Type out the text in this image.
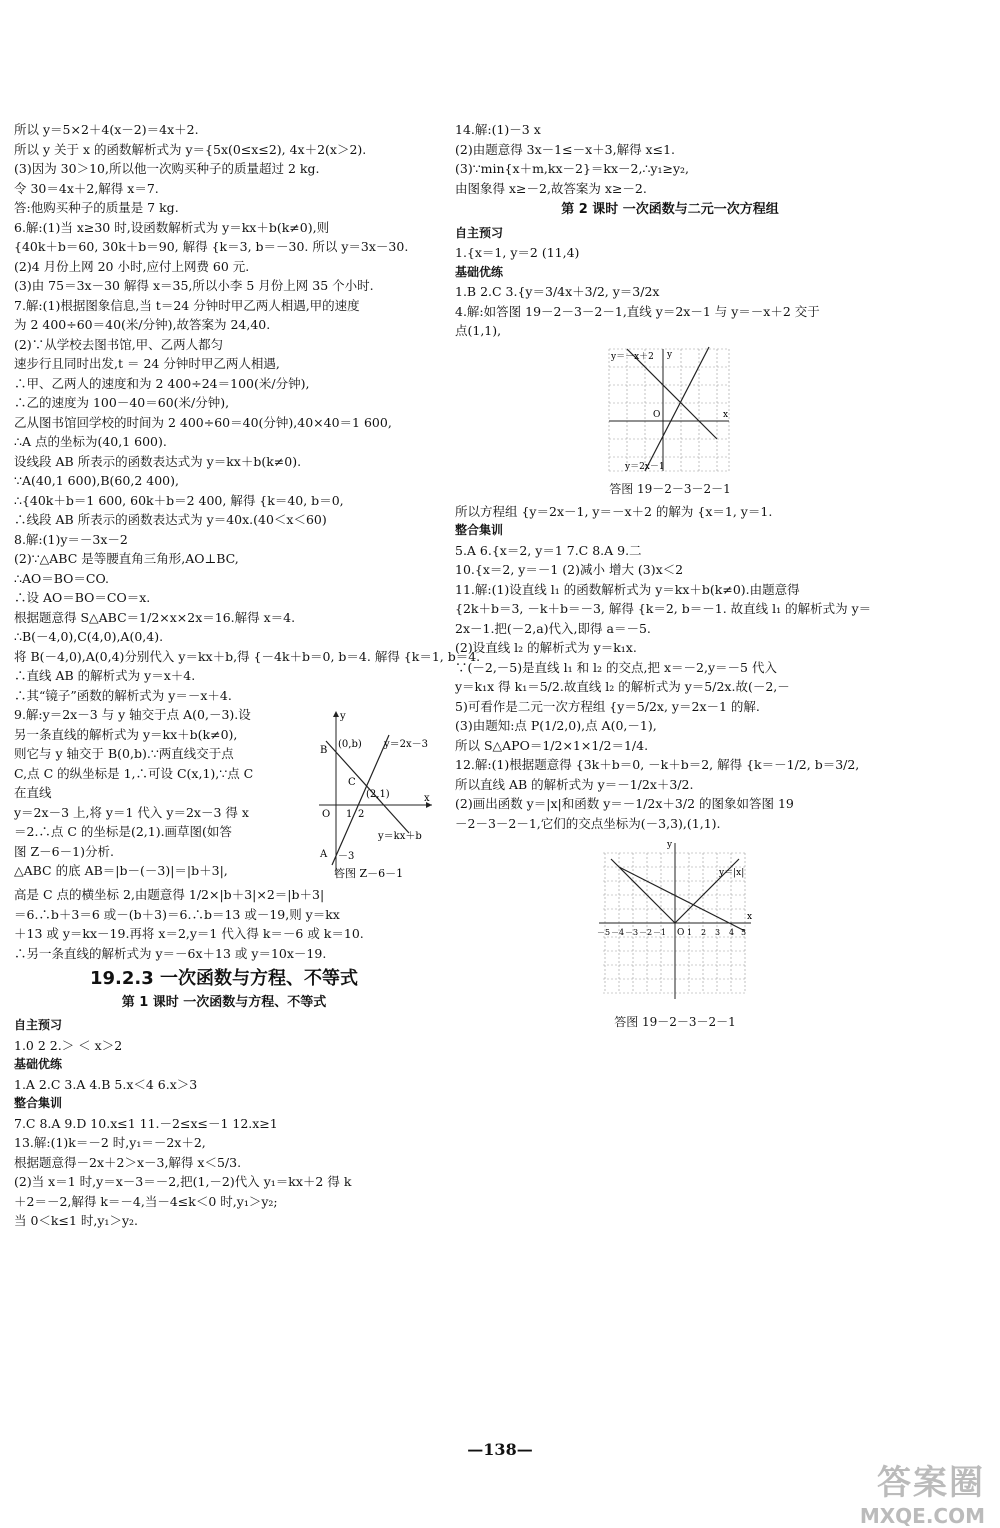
所以 y＝5×2＋4(x－2)＝4x＋2.
所以 y 关于 x 的函数解析式为 y＝{5x(0≤x≤2), 4x＋2(x＞2).
(3)因为 30＞10,所以他一次购买种子的质量超过 2 kg.
令 30＝4x＋2,解得 x＝7.
答:他购买种子的质量是 7 kg.
6.解:(1)当 x≥30 时,设函数解析式为 y＝kx＋b(k≠0),则
{40k＋b＝60, 30k＋b＝90, 解得 {k＝3, b＝－30. 所以 y＝3x－30.
(2)4 月份上网 20 小时,应付上网费 60 元.
(3)由 75＝3x－30 解得 x＝35,所以小李 5 月份上网 35 个小时.
7.解:(1)根据图象信息,当 t＝24 分钟时甲乙两人相遇,甲的速度
为 2 400÷60＝40(米/分钟),故答案为 24,40.
(2)∵从学校去图书馆,甲、乙两人都匀
速步行且同时出发,t ＝ 24 分钟时甲乙两人相遇,
∴甲、乙两人的速度和为 2 400÷24＝100(米/分钟),
∴乙的速度为 100－40＝60(米/分钟),
乙从图书馆回学校的时间为 2 400÷60＝40(分钟),40×40＝1 600,
∴A 点的坐标为(40,1 600).
设线段 AB 所表示的函数表达式为 y＝kx＋b(k≠0).
∵A(40,1 600),B(60,2 400),
∴{40k＋b＝1 600, 60k＋b＝2 400, 解得 {k＝40, b＝0,
∴线段 AB 所表示的函数表达式为 y＝40x.(40＜x＜60)
8.解:(1)y＝－3x－2
(2)∵△ABC 是等腰直角三角形,AO⊥BC,
∴AO＝BO＝CO.
∴设 AO＝BO＝CO＝x.
根据题意得 S△ABC＝1/2×x×2x＝16.解得 x＝4.
∴B(－4,0),C(4,0),A(0,4).
将 B(－4,0),A(0,4)分别代入 y＝kx＋b,得 {－4k＋b＝0, b＝4. 解得 {k＝1, b＝4.
∴直线 AB 的解析式为 y＝x＋4.
∴其“镜子”函数的解析式为 y＝－x＋4.
9.解:y＝2x－3 与 y 轴交于点 A(0,－3).设
另一条直线的解析式为 y＝kx＋b(k≠0),
则它与 y 轴交于 B(0,b).∵两直线交于点
C,点 C 的纵坐标是 1,∴可设 C(x,1),∵点 C
在直线
y＝2x－3 上,将 y＝1 代入 y＝2x－3 得 x
＝2.∴点 C 的坐标是(2,1).画草图(如答
图 Z－6－1)分析.
△ABC 的底 AB＝|b－(－3)|＝|b＋3|,
y
x
O
B
(0,b) y＝2x－3
C
(2,1)
1 2
A －3
y＝kx＋b
答图 Z－6－1
高是 C 点的横坐标 2,由题意得 1/2×|b＋3|×2＝|b＋3|
＝6.∴b＋3＝6 或－(b＋3)＝6.∴b＝13 或－19,则 y＝kx
＋13 或 y＝kx－19.再将 x＝2,y＝1 代入得 k＝－6 或 k＝10.
∴另一条直线的解析式为 y＝－6x＋13 或 y＝10x－19.
19.2.3 一次函数与方程、不等式
第 1 课时 一次函数与方程、不等式
自主预习
1.0 2 2.＞ ＜ x＞2
基础优练
1.A 2.C 3.A 4.B 5.x＜4 6.x＞3
整合集训
7.C 8.A 9.D 10.x≤1 11.－2≤x≤－1 12.x≥1
13.解:(1)k＝－2 时,y₁＝－2x＋2,
根据题意得－2x＋2＞x－3,解得 x＜5/3.
(2)当 x＝1 时,y＝x－3＝－2,把(1,－2)代入 y₁＝kx＋2 得 k
＋2＝－2,解得 k＝－4,当－4≤k＜0 时,y₁＞y₂;
当 0＜k≤1 时,y₁＞y₂.
14.解:(1)－3 x
(2)由题意得 3x－1≤－x＋3,解得 x≤1.
(3)∵min{x＋m,kx－2}＝kx－2,∴y₁≥y₂,
由图象得 x≥－2,故答案为 x≥－2.
第 2 课时 一次函数与二元一次方程组
自主预习
1.{x＝1, y＝2 (11,4)
基础优练
1.B 2.C 3.{y＝3/4x＋3/2, y＝3/2x
4.解:如答图 19－2－3－2－1,直线 y＝2x－1 与 y＝－x＋2 交于
点(1,1),
y＝－x＋2 y
O	x
y＝2x－1
答图 19－2－3－2－1
所以方程组 {y＝2x－1, y＝－x＋2 的解为 {x＝1, y＝1.
整合集训
5.A 6.{x＝2, y＝1 7.C 8.A 9.二
10.{x＝2, y＝－1 (2)减小 增大 (3)x＜2
11.解:(1)设直线 l₁ 的函数解析式为 y＝kx＋b(k≠0).由题意得
{2k＋b＝3, －k＋b＝－3, 解得 {k＝2, b＝－1. 故直线 l₁ 的解析式为 y＝
2x－1.把(－2,a)代入,即得 a＝－5.
(2)设直线 l₂ 的解析式为 y＝k₁x.
∵(－2,－5)是直线 l₁ 和 l₂ 的交点,把 x＝－2,y＝－5 代入
y＝k₁x 得 k₁＝5/2.故直线 l₂ 的解析式为 y＝5/2x.故(－2,－
5)可看作是二元一次方程组 {y＝5/2x, y＝2x－1 的解.
(3)由题知:点 P(1/2,0),点 A(0,－1),
所以 S△APO＝1/2×1×1/2＝1/4.
12.解:(1)根据题意得 {3k＋b＝0, －k＋b＝2, 解得 {k＝－1/2, b＝3/2,
所以直线 AB 的解析式为 y＝－1/2x＋3/2.
(2)画出函数 y＝|x|和函数 y＝－1/2x＋3/2 的图象如答图 19
－2－3－2－1,它们的交点坐标为(－3,3),(1,1).
y
x
y＝|x|
O
－5 －4 －3 －2 －1	1 2 3 4 5
答图 19－2－3－2－1
—138—
答案圈
MXQE.COM
